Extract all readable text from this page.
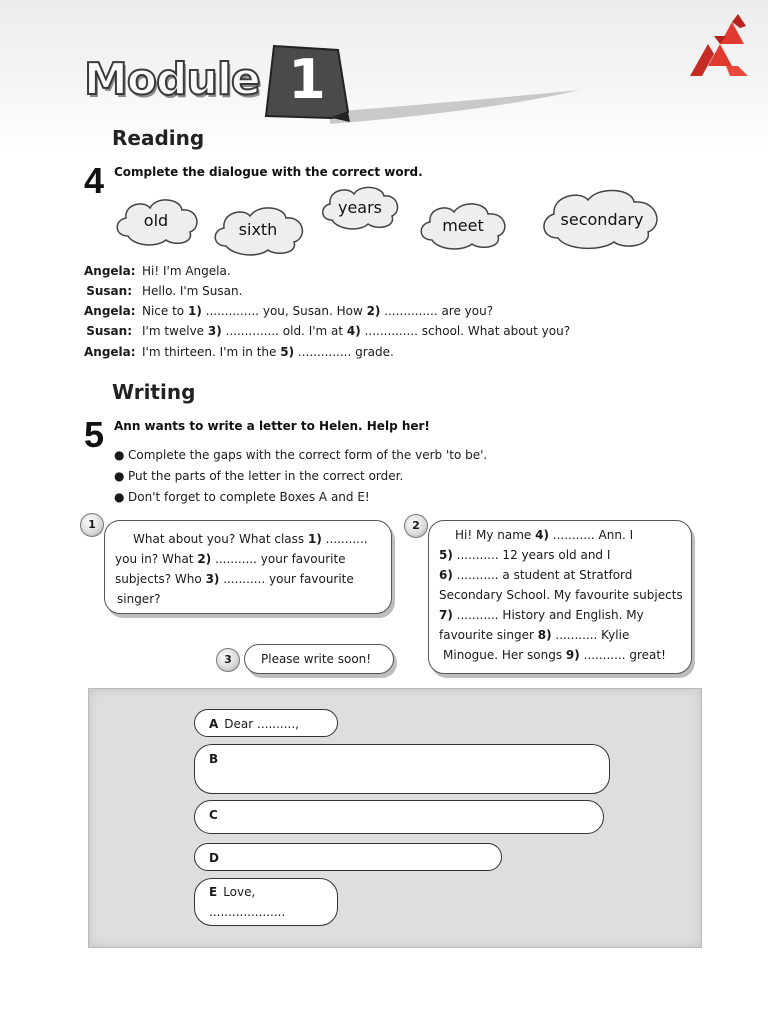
Module 1
Reading
4 Complete the dialogue with the correct word.
old	sixth
years
meet	secondary
Angela: Hi! I'm Angela.
Susan: Hello. I'm Susan.
Angela: Nice to 1) .............. you, Susan. How 2) .............. are you?
Susan: I'm twelve 3) .............. old. I'm at 4) .............. school. What about you?
Angela: I'm thirteen. I'm in the 5) .............. grade.
Writing
5 Ann wants to write a letter to Helen. Help her!
● Complete the gaps with the correct form of the verb 'to be'.
● Put the parts of the letter in the correct order.
● Don't forget to complete Boxes A and E!
What about you? What class 1) ...........
you in? What 2) ........... your favourite
subjects? Who 3) ........... your favourite
singer?
1
Hi! My name 4) ........... Ann. I
5) ........... 12 years old and I
6) ........... a student at Stratford
Secondary School. My favourite subjects
7) ........... History and English. My
favourite singer 8) ........... Kylie
Minogue. Her songs 9) ........... great!
2
Please write soon!
3
A Dear ..........,
B
C
D
E Love,
....................
